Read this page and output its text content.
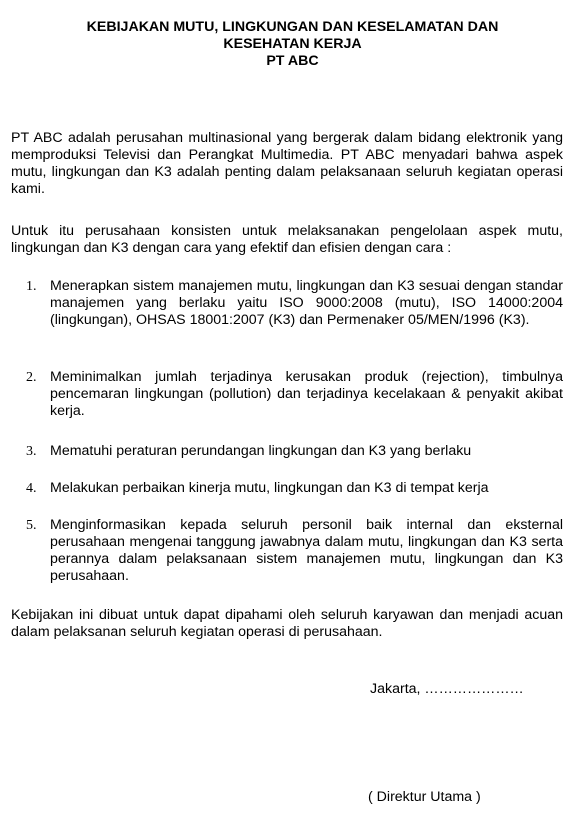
KEBIJAKAN MUTU, LINGKUNGAN DAN KESELAMATAN DAN
KESEHATAN KERJA
PT ABC
PT ABC adalah perusahan multinasional yang bergerak dalam bidang elektronik yang memproduksi Televisi dan Perangkat Multimedia. PT ABC menyadari bahwa aspek mutu, lingkungan dan K3 adalah penting dalam pelaksanaan seluruh kegiatan operasi kami.
Untuk itu perusahaan konsisten untuk melaksanakan pengelolaan aspek mutu, lingkungan dan K3 dengan cara yang efektif dan efisien dengan cara :
1. Menerapkan sistem manajemen mutu, lingkungan dan K3 sesuai dengan standar manajemen yang berlaku yaitu ISO 9000:2008 (mutu), ISO 14000:2004 (lingkungan), OHSAS 18001:2007 (K3) dan Permenaker 05/MEN/1996 (K3).
2. Meminimalkan jumlah terjadinya kerusakan produk (rejection), timbulnya pencemaran lingkungan (pollution) dan terjadinya kecelakaan & penyakit akibat kerja.
3. Mematuhi peraturan perundangan lingkungan dan K3 yang berlaku
4. Melakukan perbaikan kinerja mutu, lingkungan dan K3 di tempat kerja
5. Menginformasikan kepada seluruh personil baik internal dan eksternal perusahaan mengenai tanggung jawabnya dalam mutu, lingkungan dan K3 serta perannya dalam pelaksanaan sistem manajemen mutu, lingkungan dan K3 perusahaan.
Kebijakan ini dibuat untuk dapat dipahami oleh seluruh karyawan dan menjadi acuan dalam pelaksanan seluruh kegiatan operasi di perusahaan.
Jakarta, …………………
( Direktur Utama )
